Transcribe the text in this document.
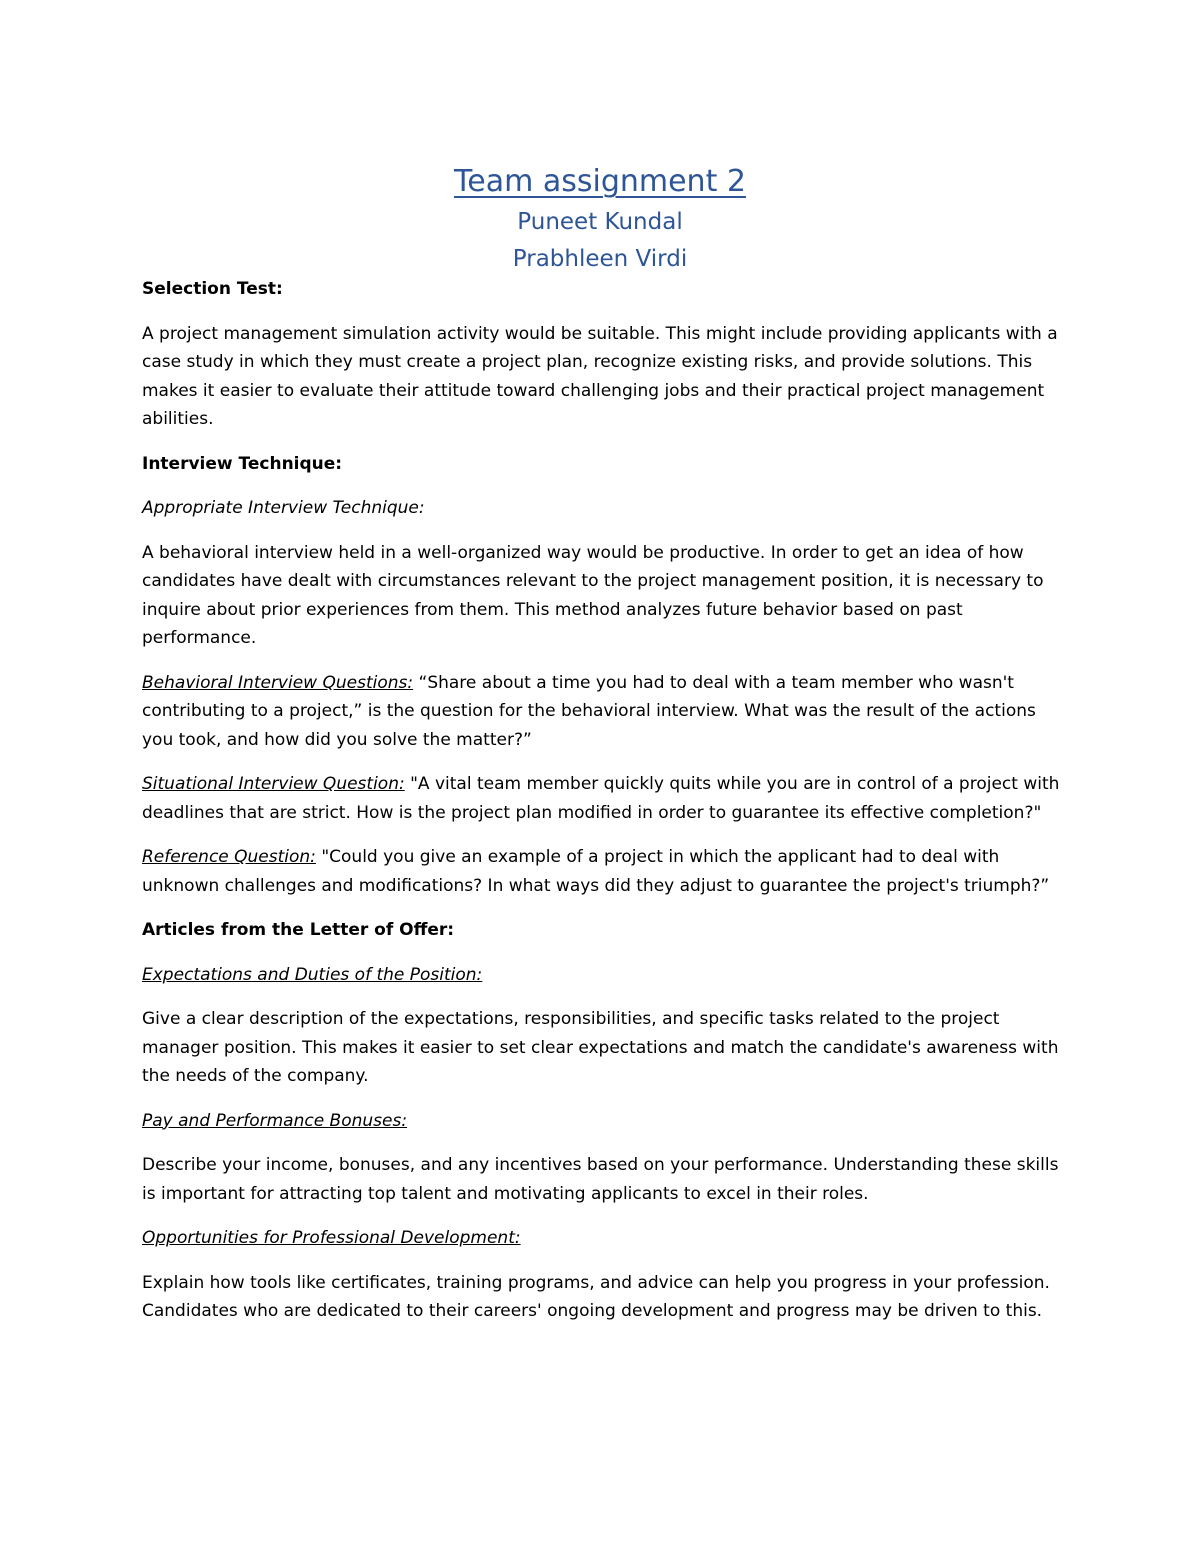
Team assignment 2

Puneet Kundal

Prabhleen Virdi

Selection Test:

A project management simulation activity would be suitable. This might include providing applicants with a case study in which they must create a project plan, recognize existing risks, and provide solutions. This makes it easier to evaluate their attitude toward challenging jobs and their practical project management abilities.

Interview Technique:

Appropriate Interview Technique:

A behavioral interview held in a well-organized way would be productive. In order to get an idea of how candidates have dealt with circumstances relevant to the project management position, it is necessary to inquire about prior experiences from them. This method analyzes future behavior based on past performance.

Behavioral Interview Questions: “Share about a time you had to deal with a team member who wasn't contributing to a project,” is the question for the behavioral interview. What was the result of the actions you took, and how did you solve the matter?”

Situational Interview Question: "A vital team member quickly quits while you are in control of a project with deadlines that are strict. How is the project plan modified in order to guarantee its effective completion?"

Reference Question: "Could you give an example of a project in which the applicant had to deal with unknown challenges and modifications? In what ways did they adjust to guarantee the project's triumph?”

Articles from the Letter of Offer:

Expectations and Duties of the Position:

Give a clear description of the expectations, responsibilities, and specific tasks related to the project manager position. This makes it easier to set clear expectations and match the candidate's awareness with the needs of the company.

Pay and Performance Bonuses:

Describe your income, bonuses, and any incentives based on your performance. Understanding these skills is important for attracting top talent and motivating applicants to excel in their roles.

Opportunities for Professional Development:

Explain how tools like certificates, training programs, and advice can help you progress in your profession. Candidates who are dedicated to their careers' ongoing development and progress may be driven to this.
